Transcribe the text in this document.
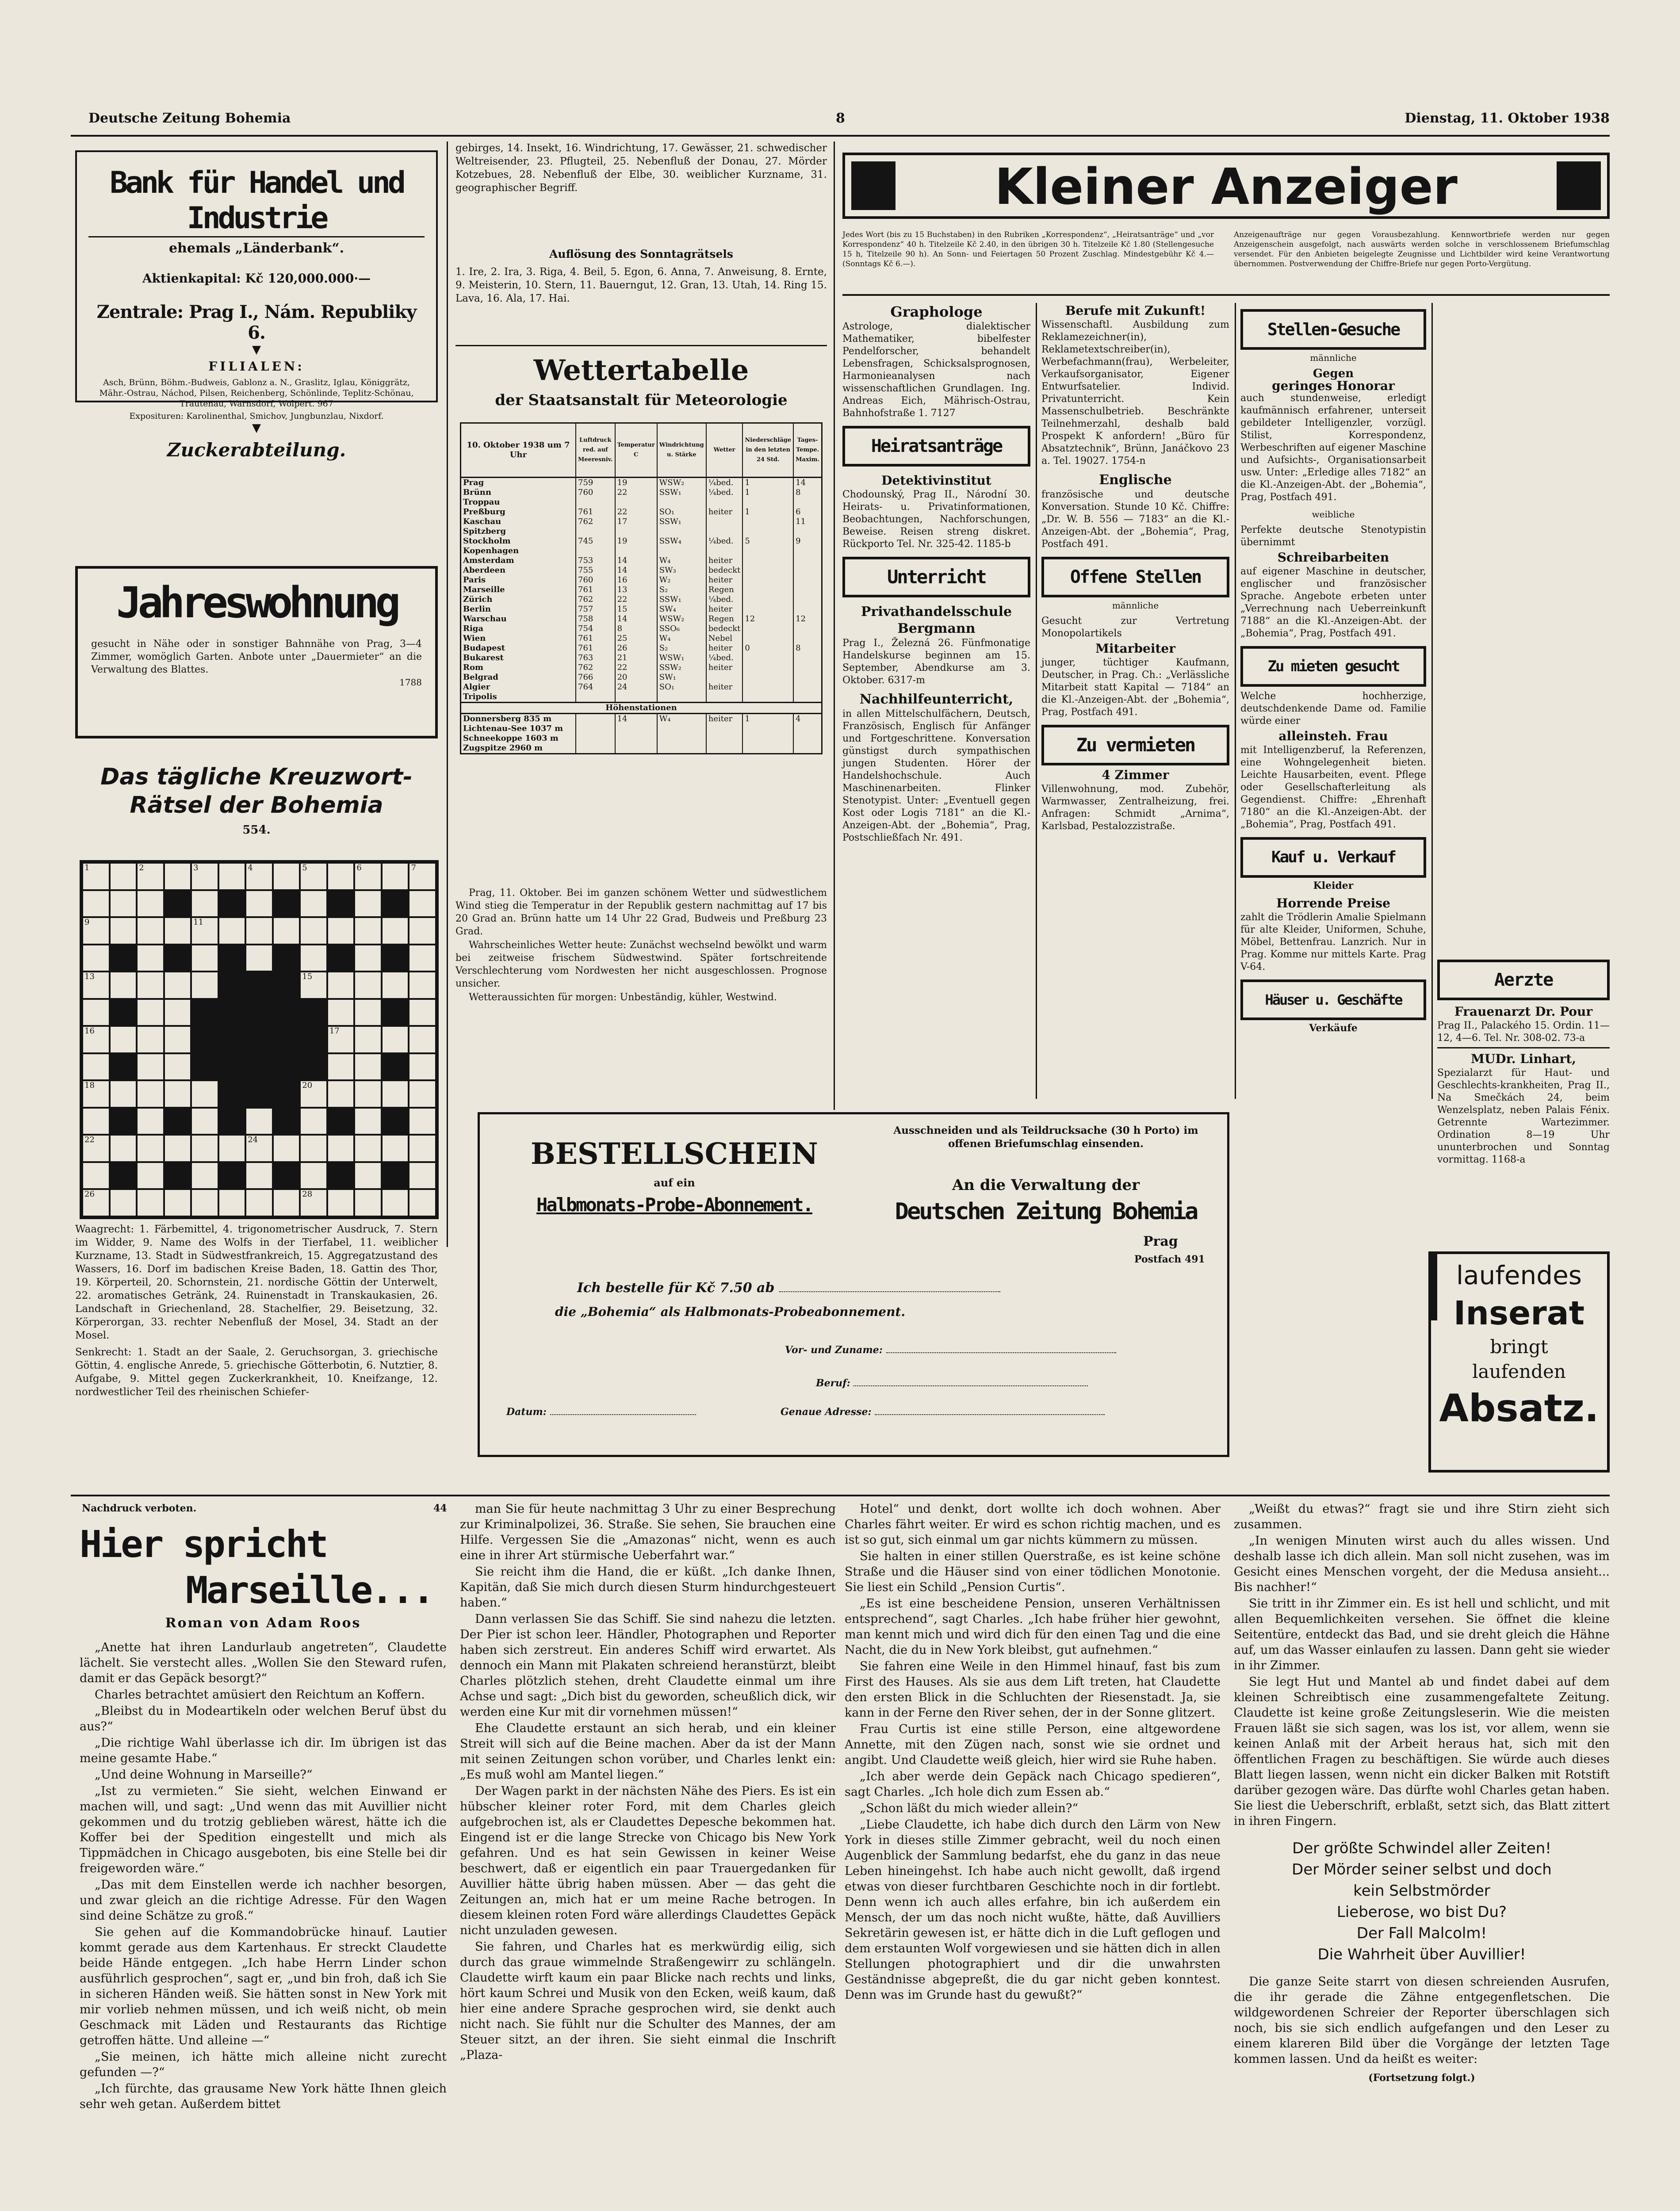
Deutsche Zeitung Bohemia	8	Dienstag, 11. Oktober 1938
Bank für Handel und Industrie
ehemals „Länderbank“.
Aktienkapital: Kč 120,000.000·—
Zentrale: Prag I., Nám. Republiky 6.
▼
FILIALEN:
Asch, Brünn, Böhm.-Budweis, Gablonz a. N., Graslitz, Iglau, Königgrätz, Mähr.-Ostrau, Náchod, Pilsen, Reichenberg, Schönlinde, Teplitz-Schönau, Trautenau, Warnsdorf, Wolpert. 967
Exposituren: Karolinenthal, Smichov, Jungbunzlau, Nixdorf.
▼
Zuckerabteilung.
Jahreswohnung
gesucht in Nähe oder in sonstiger Bahnnähe von Prag, 3—4 Zimmer, womöglich Garten. Anbote unter „Dauermieter“ an die Verwaltung des Blattes.
1788
Das tägliche Kreuzwort-Rätsel der Bohemia
554.
1	2	3	4	5	6	7
9	11
13	15
16	17
18	20
22	24
26	28

Waagrecht: 1. Färbemittel, 4. trigonometrischer Ausdruck, 7. Stern im Widder, 9. Name des Wolfs in der Tierfabel, 11. weiblicher Kurzname, 13. Stadt in Südwestfrankreich, 15. Aggregatzustand des Wassers, 16. Dorf im badischen Kreise Baden, 18. Gattin des Thor, 19. Körperteil, 20. Schornstein, 21. nordische Göttin der Unterwelt, 22. aromatisches Getränk, 24. Ruinenstadt in Transkaukasien, 26. Landschaft in Griechenland, 28. Stachelfier, 29. Beisetzung, 32. Körperorgan, 33. rechter Nebenfluß der Mosel, 34. Stadt an der Mosel.

Senkrecht: 1. Stadt an der Saale, 2. Geruchsorgan, 3. griechische Göttin, 4. englische Anrede, 5. griechische Götterbotin, 6. Nutztier, 8. Aufgabe, 9. Mittel gegen Zuckerkrankheit, 10. Kneifzange, 12. nordwestlicher Teil des rheinischen Schiefer-

gebirges, 14. Insekt, 16. Windrichtung, 17. Gewässer, 21. schwedischer Weltreisender, 23. Pflugteil, 25. Nebenfluß der Donau, 27. Mörder Kotzebues, 28. Nebenfluß der Elbe, 30. weiblicher Kurzname, 31. geographischer Begriff.
Auflösung des Sonntagrätsels
1. Ire, 2. Ira, 3. Riga, 4. Beil, 5. Egon, 6. Anna, 7. Anweisung, 8. Ernte, 9. Meisterin, 10. Stern, 11. Bauerngut, 12. Gran, 13. Utah, 14. Ring 15. Lava, 16. Ala, 17. Hai.
Wettertabelle
der Staatsanstalt für Meteorologie
10. Oktober 1938 um 7 Uhr	Luftdruck red. auf Meeresniv.	Temperatur C	Windrichtung u. Stärke	Wetter	Niederschläge in den letzten 24 Std.	Tages-Tempe. Maxim.
Prag	759	19	WSW₂	¼bed.	1	14
Brünn	760	22	SSW₁	¼bed.	1	8
Troppau						
Preßburg	761	22	SO₁	heiter	1	6
Kaschau	762	17	SSW₁			11
Spitzberg						
Stockholm	745	19	SSW₄	¼bed.	5	9
Kopenhagen						
Amsterdam	753	14	W₄	heiter		
Aberdeen	755	14	SW₃	bedeckt		
Paris	760	16	W₂	heiter		
Marseille	761	13	S₂	Regen		
Zürich	762	22	SSW₁	¼bed.		
Berlin	757	15	SW₄	heiter		
Warschau	758	14	WSW₂	Regen	12	12
Riga	754	8	SSO₆	bedeckt		
Wien	761	25	W₄	Nebel		
Budapest	761	26	S₂	heiter	0	8
Bukarest	763	21	WSW₁	¼bed.		
Rom	762	22	SSW₂	heiter		
Belgrad	766	20	SW₁			
Algier	764	24	SO₁	heiter		
Tripolis						
Höhenstationen						
Donnersberg 835 m		14	W₄	heiter	1	4
Lichtenau-See 1037 m						
Schneekoppe 1603 m						
Zugspitze 2960 m						

Prag, 11. Oktober. Bei im ganzen schönem Wetter und südwestlichem Wind stieg die Temperatur in der Republik gestern nachmittag auf 17 bis 20 Grad an. Brünn hatte um 14 Uhr 22 Grad, Budweis und Preßburg 23 Grad.

Wahrscheinliches Wetter heute: Zunächst wechselnd bewölkt und warm bei zeitweise frischem Südwestwind. Später fortschreitende Verschlechterung vom Nordwesten her nicht ausgeschlossen. Prognose unsicher.

Wetteraussichten für morgen: Unbeständig, kühler, Westwind.

Kleiner Anzeiger
Jedes Wort (bis zu 15 Buchstaben) in den Rubriken „Korrespondenz“, „Heiratsanträge“ und „vor Korrespondenz“ 40 h. Titelzeile Kč 2.40, in den übrigen 30 h. Titelzeile Kč 1.80 (Stellengesuche 15 h, Titelzeile 90 h). An Sonn- und Feiertagen 50 Prozent Zuschlag. Mindestgebühr Kč 4.— (Sonntags Kč 6.—).
Anzeigenaufträge nur gegen Vorausbezahlung. Kennwortbriefe werden nur gegen Anzeigenschein ausgefolgt, nach auswärts werden solche in verschlossenem Briefumschlag versendet. Für den Anbieten beigelegte Zeugnisse und Lichtbilder wird keine Verantwortung übernommen. Postverwendung der Chiffre-Briefe nur gegen Porto-Vergütung.
Graphologe

Astrologe, dialektischer Mathematiker, bibelfester Pendelforscher, behandelt Lebensfragen, Schicksalsprognosen, Harmonieanalysen nach wissenschaftlichen Grundlagen. Ing. Andreas Eich, Mährisch-Ostrau, Bahnhofstraße 1. 7127

Heiratsanträge
Detektivinstitut

Chodounský, Prag II., Národní 30. Heirats- u. Privatinformationen, Beobachtungen, Nachforschungen, Beweise. Reisen streng diskret. Rückporto Tel. Nr. 325-42. 1185-b

Unterricht
Privathandelsschule Bergmann

Prag I., Železná 26. Fünfmonatige Handelskurse beginnen am 15. September, Abendkurse am 3. Oktober. 6317-m

Nachhilfeunterricht,

in allen Mittelschulfächern, Deutsch, Französisch, Englisch für Anfänger und Fortgeschrittene. Konversation günstigst durch sympathischen jungen Studenten. Hörer der Handelshochschule. Auch Maschinenarbeiten. Flinker Stenotypist. Unter: „Eventuell gegen Kost oder Logis 7181“ an die Kl.-Anzeigen-Abt. der „Bohemia“, Prag, Postschließfach Nr. 491.

Berufe mit Zukunft!

Wissenschaftl. Ausbildung zum Reklamezeichner(in), Reklametextschreiber(in), Werbefachmann(frau), Werbeleiter, Verkaufsorganisator, Eigener Entwurfsatelier. Individ. Privatunterricht. Kein Massenschulbetrieb. Beschränkte Teilnehmerzahl, deshalb bald Prospekt K anfordern! „Büro für Absatztechnik“, Brünn, Janáčkovo 23 a. Tel. 19027. 1754-n

Englische

französische und deutsche Konversation. Stunde 10 Kč. Chiffre: „Dr. W. B. 556 — 7183“ an die Kl.-Anzeigen-Abt. der „Bohemia“, Prag, Postfach 491.

Offene Stellen
männliche

Gesucht zur Vertretung Monopolartikels

Mitarbeiter

junger, tüchtiger Kaufmann, Deutscher, in Prag. Ch.: „Verlässliche Mitarbeit statt Kapital — 7184“ an die Kl.-Anzeigen-Abt. der „Bohemia“, Prag, Postfach 491.

Zu vermieten
4 Zimmer

Villenwohnung, mod. Zubehör, Warmwasser, Zentralheizung, frei. Anfragen: Schmidt „Arnima“, Karlsbad, Pestalozzistraße.

Stellen-Gesuche
männliche
Gegen
geringes Honorar

auch stundenweise, erledigt kaufmännisch erfahrener, unterseit gebildeter Intelligenzler, vorzügl. Stilist, Korrespondenz, Werbeschriften auf eigener Maschine und Aufsichts-, Organisationsarbeit usw. Unter: „Erledige alles 7182“ an die Kl.-Anzeigen-Abt. der „Bohemia“, Prag, Postfach 491.

weibliche

Perfekte deutsche Stenotypistin übernimmt

Schreibarbeiten

auf eigener Maschine in deutscher, englischer und französischer Sprache. Angebote erbeten unter „Verrechnung nach Ueberreinkunft 7188“ an die Kl.-Anzeigen-Abt. der „Bohemia“, Prag, Postfach 491.

Zu mieten gesucht

Welche hochherzige, deutschdenkende Dame od. Familie würde einer

alleinsteh. Frau

mit Intelligenzberuf, la Referenzen, eine Wohngelegenheit bieten. Leichte Hausarbeiten, event. Pflege oder Gesellschafterleitung als Gegendienst. Chiffre: „Ehrenhaft 7180“ an die Kl.-Anzeigen-Abt. der „Bohemia“, Prag, Postfach 491.

Kauf u. Verkauf
Kleider
Horrende Preise

zahlt die Trödlerin Amalie Spielmann für alte Kleider, Uniformen, Schuhe, Möbel, Bettenfrau. Lanzrich. Nur in Prag. Komme nur mittels Karte. Prag V-64.

Häuser u. Geschäfte
Verkäufe
Aerzte
Frauenarzt Dr. Pour

Prag II., Palackého 15. Ordin. 11—12, 4—6. Tel. Nr. 308-02. 73-a

MUDr. Linhart,

Spezialarzt für Haut- und Geschlechts-krankheiten, Prag II., Na Smečkách 24, beim Wenzelsplatz, neben Palais Fénix. Getrennte Wartezimmer. Ordination 8—19 Uhr ununterbrochen und Sonntag vormittag. 1168-a

laufendes
Inserat
bringt
laufenden
Absatz.
BESTELLSCHEIN
auf ein
Halbmonats-Probe-Abonnement.
Ausschneiden und als Teildrucksache (30 h Porto) im offenen Briefumschlag einsenden.
An die Verwaltung der
Deutschen Zeitung Bohemia
Prag
Postfach 491
Ich bestelle für Kč 7.50 ab
die „Bohemia“ als Halbmonats-Probeabonnement.
Vor- und Zuname:
Beruf:
Datum:	Genaue Adresse:
Nachdruck verboten.	44
Hier spricht
Marseille...
Roman von Adam Roos

„Anette hat ihren Landurlaub angetreten“, Claudette lächelt. Sie verstecht alles. „Wollen Sie den Steward rufen, damit er das Gepäck besorgt?“

Charles betrachtet amüsiert den Reichtum an Koffern.

„Bleibst du in Modeartikeln oder welchen Beruf übst du aus?“

„Die richtige Wahl überlasse ich dir. Im übrigen ist das meine gesamte Habe.“

„Und deine Wohnung in Marseille?“

„Ist zu vermieten.“ Sie sieht, welchen Einwand er machen will, und sagt: „Und wenn das mit Auvillier nicht gekommen und du trotzig geblieben wärest, hätte ich die Koffer bei der Spedition eingestellt und mich als Tippmädchen in Chicago ausgeboten, bis eine Stelle bei dir freigeworden wäre.“

„Das mit dem Einstellen werde ich nachher besorgen, und zwar gleich an die richtige Adresse. Für den Wagen sind deine Schätze zu groß.“

Sie gehen auf die Kommandobrücke hinauf. Lautier kommt gerade aus dem Kartenhaus. Er streckt Claudette beide Hände entgegen. „Ich habe Herrn Linder schon ausführlich gesprochen“, sagt er, „und bin froh, daß ich Sie in sicheren Händen weiß. Sie hätten sonst in New York mit mir vorlieb nehmen müssen, und ich weiß nicht, ob mein Geschmack mit Läden und Restaurants das Richtige getroffen hätte. Und alleine —“

„Sie meinen, ich hätte mich alleine nicht zurecht gefunden —?“

„Ich fürchte, das grausame New York hätte Ihnen gleich sehr weh getan. Außerdem bittet

man Sie für heute nachmittag 3 Uhr zu einer Besprechung zur Kriminalpolizei, 36. Straße. Sie sehen, Sie brauchen eine Hilfe. Vergessen Sie die „Amazonas“ nicht, wenn es auch eine in ihrer Art stürmische Ueberfahrt war.“

Sie reicht ihm die Hand, die er küßt. „Ich danke Ihnen, Kapitän, daß Sie mich durch diesen Sturm hindurchgesteuert haben.“

Dann verlassen Sie das Schiff. Sie sind nahezu die letzten. Der Pier ist schon leer. Händler, Photographen und Reporter haben sich zerstreut. Ein anderes Schiff wird erwartet. Als dennoch ein Mann mit Plakaten schreiend heranstürzt, bleibt Charles plötzlich stehen, dreht Claudette einmal um ihre Achse und sagt: „Dich bist du geworden, scheußlich dick, wir werden eine Kur mit dir vornehmen müssen!“

Ehe Claudette erstaunt an sich herab, und ein kleiner Streit will sich auf die Beine machen. Aber da ist der Mann mit seinen Zeitungen schon vorüber, und Charles lenkt ein: „Es muß wohl am Mantel liegen.“

Der Wagen parkt in der nächsten Nähe des Piers. Es ist ein hübscher kleiner roter Ford, mit dem Charles gleich aufgebrochen ist, als er Claudettes Depesche bekommen hat. Eingend ist er die lange Strecke von Chicago bis New York gefahren. Und es hat sein Gewissen in keiner Weise beschwert, daß er eigentlich ein paar Trauergedanken für Auvillier hätte übrig haben müssen. Aber — das geht die Zeitungen an, mich hat er um meine Rache betrogen. In diesem kleinen roten Ford wäre allerdings Claudettes Gepäck nicht unzuladen gewesen.

Sie fahren, und Charles hat es merkwürdig eilig, sich durch das graue wimmelnde Straßengewirr zu schlängeln. Claudette wirft kaum ein paar Blicke nach rechts und links, hört kaum Schrei und Musik von den Ecken, weiß kaum, daß hier eine andere Sprache gesprochen wird, sie denkt auch nicht nach. Sie fühlt nur die Schulter des Mannes, der am Steuer sitzt, an der ihren. Sie sieht einmal die Inschrift „Plaza-

Hotel“ und denkt, dort wollte ich doch wohnen. Aber Charles fährt weiter. Er wird es schon richtig machen, und es ist so gut, sich einmal um gar nichts kümmern zu müssen.

Sie halten in einer stillen Querstraße, es ist keine schöne Straße und die Häuser sind von einer tödlichen Monotonie. Sie liest ein Schild „Pension Curtis“.

„Es ist eine bescheidene Pension, unseren Verhältnissen entsprechend“, sagt Charles. „Ich habe früher hier gewohnt, man kennt mich und wird dich für den einen Tag und die eine Nacht, die du in New York bleibst, gut aufnehmen.“

Sie fahren eine Weile in den Himmel hinauf, fast bis zum First des Hauses. Als sie aus dem Lift treten, hat Claudette den ersten Blick in die Schluchten der Riesenstadt. Ja, sie kann in der Ferne den River sehen, der in der Sonne glitzert.

Frau Curtis ist eine stille Person, eine altgewordene Annette, mit den Zügen nach, sonst wie sie ordnet und angibt. Und Claudette weiß gleich, hier wird sie Ruhe haben.

„Ich aber werde dein Gepäck nach Chicago spedieren“, sagt Charles. „Ich hole dich zum Essen ab.“

„Schon läßt du mich wieder allein?“

„Liebe Claudette, ich habe dich durch den Lärm von New York in dieses stille Zimmer gebracht, weil du noch einen Augenblick der Sammlung bedarfst, ehe du ganz in das neue Leben hineingehst. Ich habe auch nicht gewollt, daß irgend etwas von dieser furchtbaren Geschichte noch in dir fortlebt. Denn wenn ich auch alles erfahre, bin ich außerdem ein Mensch, der um das noch nicht wußte, hätte, daß Auvilliers Sekretärin gewesen ist, er hätte dich in die Luft geflogen und dem erstaunten Wolf vorgewiesen und sie hätten dich in allen Stellungen photographiert und dir die unwahrsten Geständnisse abgepreßt, die du gar nicht geben konntest. Denn was im Grunde hast du gewußt?“

„Weißt du etwas?“ fragt sie und ihre Stirn zieht sich zusammen.

„In wenigen Minuten wirst auch du alles wissen. Und deshalb lasse ich dich allein. Man soll nicht zusehen, was im Gesicht eines Menschen vorgeht, der die Medusa ansieht... Bis nachher!“

Sie tritt in ihr Zimmer ein. Es ist hell und schlicht, und mit allen Bequemlichkeiten versehen. Sie öffnet die kleine Seitentüre, entdeckt das Bad, und sie dreht gleich die Hähne auf, um das Wasser einlaufen zu lassen. Dann geht sie wieder in ihr Zimmer.

Sie legt Hut und Mantel ab und findet dabei auf dem kleinen Schreibtisch eine zusammengefaltete Zeitung. Claudette ist keine große Zeitungsleserin. Wie die meisten Frauen läßt sie sich sagen, was los ist, vor allem, wenn sie keinen Anlaß mit der Arbeit heraus hat, sich mit den öffentlichen Fragen zu beschäftigen. Sie würde auch dieses Blatt liegen lassen, wenn nicht ein dicker Balken mit Rotstift darüber gezogen wäre. Das dürfte wohl Charles getan haben. Sie liest die Ueberschrift, erblaßt, setzt sich, das Blatt zittert in ihren Fingern.

Der größte Schwindel aller Zeiten!
Der Mörder seiner selbst und doch
kein Selbstmörder
Lieberose, wo bist Du?
Der Fall Malcolm!
Die Wahrheit über Auvillier!

Die ganze Seite starrt von diesen schreienden Ausrufen, die ihr gerade die Zähne entgegenfletschen. Die wildgewordenen Schreier der Reporter überschlagen sich noch, bis sie sich endlich aufgefangen und den Leser zu einem klareren Bild über die Vorgänge der letzten Tage kommen lassen. Und da heißt es weiter:

(Fortsetzung folgt.)
